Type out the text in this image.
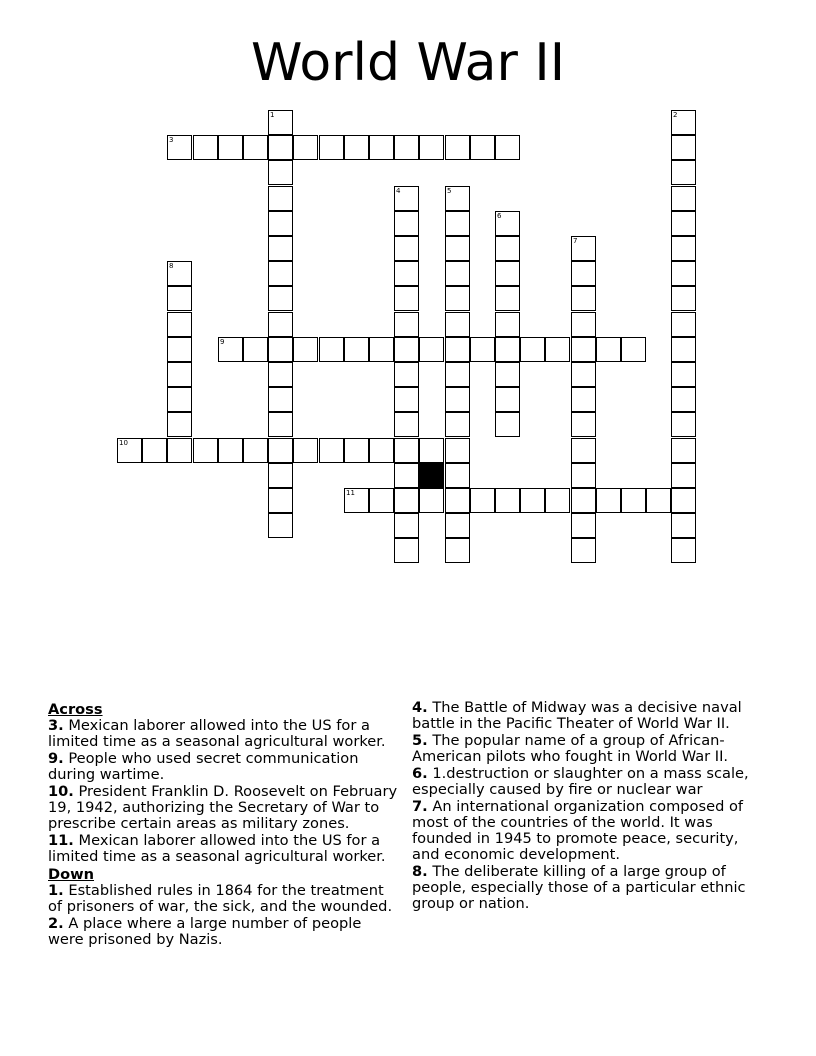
World War II
1	2
3
4	5
6
7
8
9
10
11
Across
3. Mexican laborer allowed into the US for a limited time as a seasonal agricultural worker.
9. People who used secret communication during wartime.
10. President Franklin D. Roosevelt on February 19, 1942, authorizing the Secretary of War to prescribe certain areas as military zones.
11. Mexican laborer allowed into the US for a limited time as a seasonal agricultural worker.
Down
1. Established rules in 1864 for the treatment of prisoners of war, the sick, and the wounded.
2. A place where a large number of people were prisoned by Nazis.
4. The Battle of Midway was a decisive naval battle in the Pacific Theater of World War II.
5. The popular name of a group of African-American pilots who fought in World War II.
6. 1.destruction or slaughter on a mass scale, especially caused by fire or nuclear war
7. An international organization composed of most of the countries of the world. It was founded in 1945 to promote peace, security, and economic development.
8. The deliberate killing of a large group of people, especially those of a particular ethnic group or nation.
